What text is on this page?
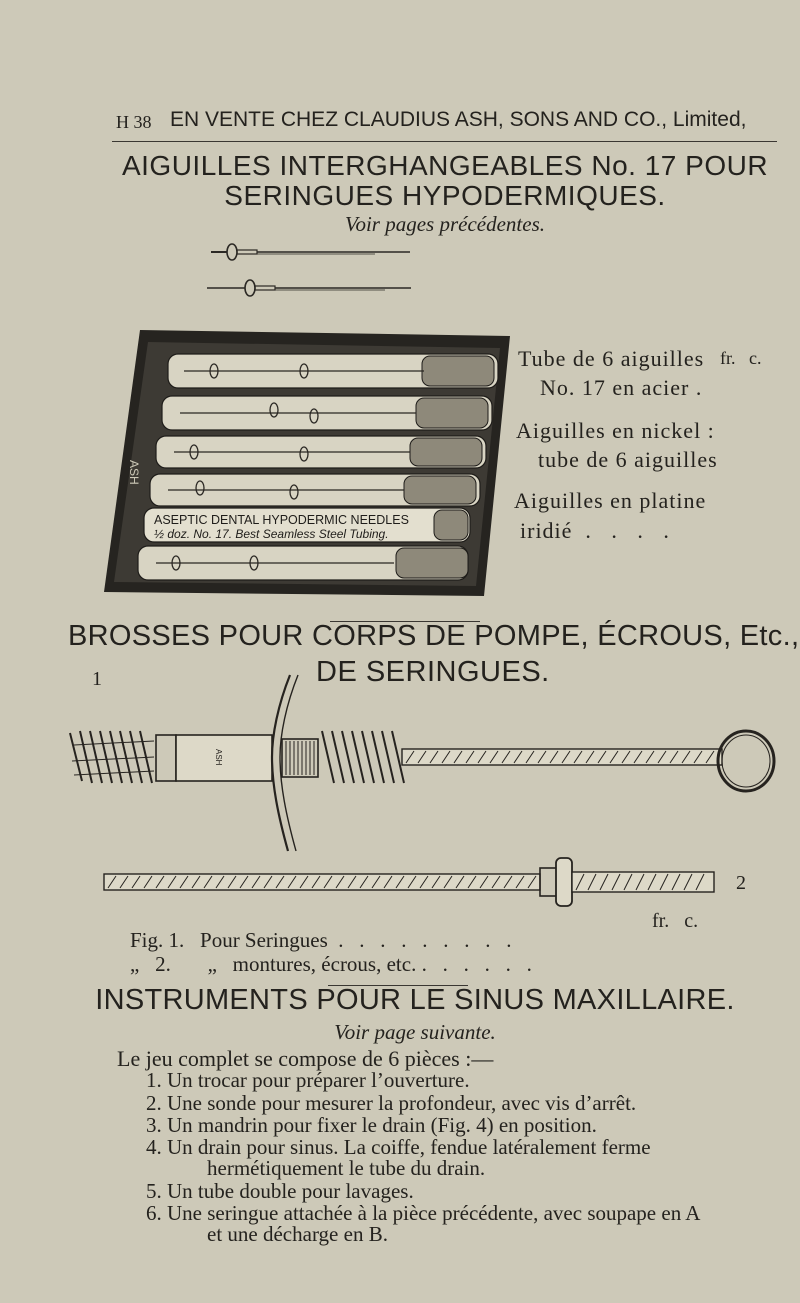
H 38 EN VENTE CHEZ CLAUDIUS ASH, SONS AND CO., Limited,
AIGUILLES INTERGHANGEABLES No. 17 POUR
SERINGUES HYPODERMIQUES.
Voir pages précédentes.
ASH
ASEPTIC DENTAL HYPODERMIC NEEDLES
½ doz. No. 17. Best Seamless Steel Tubing.
fr.   c.
Tube de 6 aiguilles
No. 17 en acier .
Aiguilles en nickel :
tube de 6 aiguilles
Aiguilles en platine
iridié  .   .   .   .
BROSSES POUR CORPS DE POMPE, ÉCROUS, Etc.,
DE SERINGUES.
1
ASH
2
fr.   c.
Fig. 1.   Pour Seringues  .   .   .   .   .   .   .   .   .
„   2.       „   montures, écrous, etc. .   .   .   .   .   .
INSTRUMENTS POUR LE SINUS MAXILLAIRE.
Voir page suivante.
Le jeu complet se compose de 6 pièces :—
1. Un trocar pour préparer l’ouverture.
2. Une sonde pour mesurer la profondeur, avec vis d’arrêt.
3. Un mandrin pour fixer le drain (Fig. 4) en position.
4. Un drain pour sinus. La coiffe, fendue latéralement ferme
hermétiquement le tube du drain.
5. Un tube double pour lavages.
6. Une seringue attachée à la pièce précédente, avec soupape en A
et une décharge en B.
